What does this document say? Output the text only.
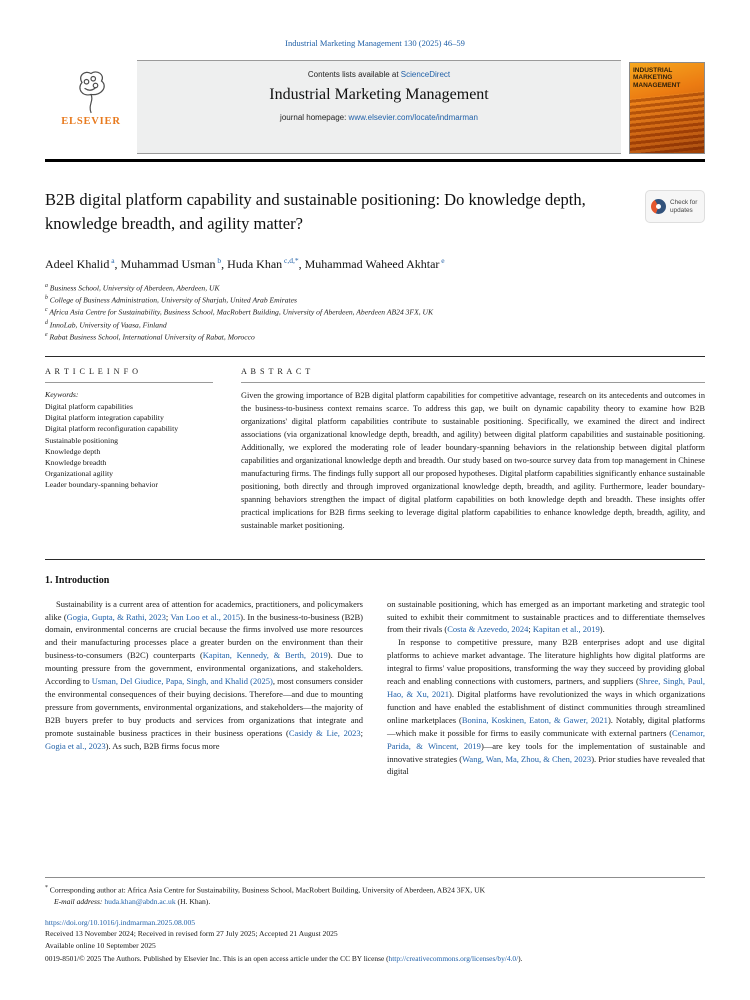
Industrial Marketing Management 130 (2025) 46–59
ELSEVIER
Contents lists available at ScienceDirect
Industrial Marketing Management
journal homepage: www.elsevier.com/locate/indmarman
INDUSTRIAL MARKETING MANAGEMENT
B2B digital platform capability and sustainable positioning: Do knowledge depth, knowledge breadth, and agility matter?
Check for updates
Adeel Khalid $^a$, Muhammad Usman $^b$, Huda Khan $^{c,d,*}$, Muhammad Waheed Akhtar $^e$
$^a$ Business School, University of Aberdeen, Aberdeen, UK
$^b$ College of Business Administration, University of Sharjah, United Arab Emirates
$^c$ Africa Asia Centre for Sustainability, Business School, MacRobert Building, University of Aberdeen, Aberdeen AB24 3FX, UK
$^d$ InnoLab, University of Vaasa, Finland
$^e$ Rabat Business School, International University of Rabat, Morocco
A R T I C L E I N F O
Keywords:
Digital platform capabilities
Digital platform integration capability
Digital platform reconfiguration capability
Sustainable positioning
Knowledge depth
Knowledge breadth
Organizational agility
Leader boundary-spanning behavior
A B S T R A C T

Given the growing importance of B2B digital platform capabilities for competitive advantage, research on its antecedents and outcomes in the business-to-business context remains scarce. To address this gap, we built on dynamic capability theory to examine how B2B organizations' digital platform capabilities contribute to sustainable positioning. Specifically, we examined the direct and indirect associations (via organizational knowledge depth, breadth, and agility) between digital platform capabilities and sustainable positioning. Additionally, we explored the moderating role of leader boundary-spanning behaviors in the relationship between digital platform capabilities and organizational knowledge depth and breadth. Our study based on two-source survey data from top management in Chinese manufacturing firms. The findings fully support all our proposed hypotheses. Digital platform capabilities significantly enhance sustainable positioning, both directly and through improved organizational knowledge depth, breadth, and agility. Furthermore, leader boundary-spanning behaviors strengthen the impact of digital platform capabilities on both knowledge depth and breadth. These insights offer practical implications for B2B firms seeking to leverage digital platform capabilities to enhance knowledge depth, breadth, agility, and sustainable market positioning.

1. Introduction

Sustainability is a current area of attention for academics, practitioners, and policymakers alike (Gogia, Gupta, & Rathi, 2023; Van Loo et al., 2015). In the business-to-business (B2B) domain, environmental concerns are crucial because the firms involved use more resources and their manufacturing processes place a greater burden on the environment than their business-to-consumers (B2C) counterparts (Kapitan, Kennedy, & Berth, 2019). Due to mounting pressure from the government, environmental organizations, and stakeholders. According to Usman, Del Giudice, Papa, Singh, and Khalid (2025), most consumers consider the environmental consequences of their buying decisions. Therefore—and due to mounting pressure from governments, environmental organizations, and stakeholders—the majority of B2B buyers prefer to buy products and services from organizations that integrate and promote sustainable business practices in their business operations (Casidy & Lie, 2023; Gogia et al., 2023). As such, B2B firms focus more

on sustainable positioning, which has emerged as an important marketing and strategic tool suited to exhibit their commitment to sustainable practices and to differentiate themselves from their rivals (Costa & Azevedo, 2024; Kapitan et al., 2019).

In response to competitive pressure, many B2B enterprises adopt and use digital platforms to achieve market advantage. The literature highlights how digital platforms are integral to firms' value propositions, transforming the way they succeed by providing global reach and enabling connections with customers, partners, and suppliers (Shree, Singh, Paul, Hao, & Xu, 2021). Digital platforms have revolutionized the ways in which organizations function and have enabled the establishment of distinct communities through streamlined online marketplaces (Bonina, Koskinen, Eaton, & Gawer, 2021). Notably, digital platforms—which make it possible for firms to easily communicate with external partners (Cenamor, Parida, & Wincent, 2019)—are key tools for the implementation of sustainable and innovative strategies (Wang, Wan, Ma, Zhou, & Chen, 2023). Prior studies have revealed that digital

* Corresponding author at: Africa Asia Centre for Sustainability, Business School, MacRobert Building, University of Aberdeen, AB24 3FX, UK
E-mail address: huda.khan@abdn.ac.uk (H. Khan).
https://doi.org/10.1016/j.indmarman.2025.08.005
Received 13 November 2024; Received in revised form 27 July 2025; Accepted 21 August 2025
Available online 10 September 2025
0019-8501/© 2025 The Authors. Published by Elsevier Inc. This is an open access article under the CC BY license (http://creativecommons.org/licenses/by/4.0/).
